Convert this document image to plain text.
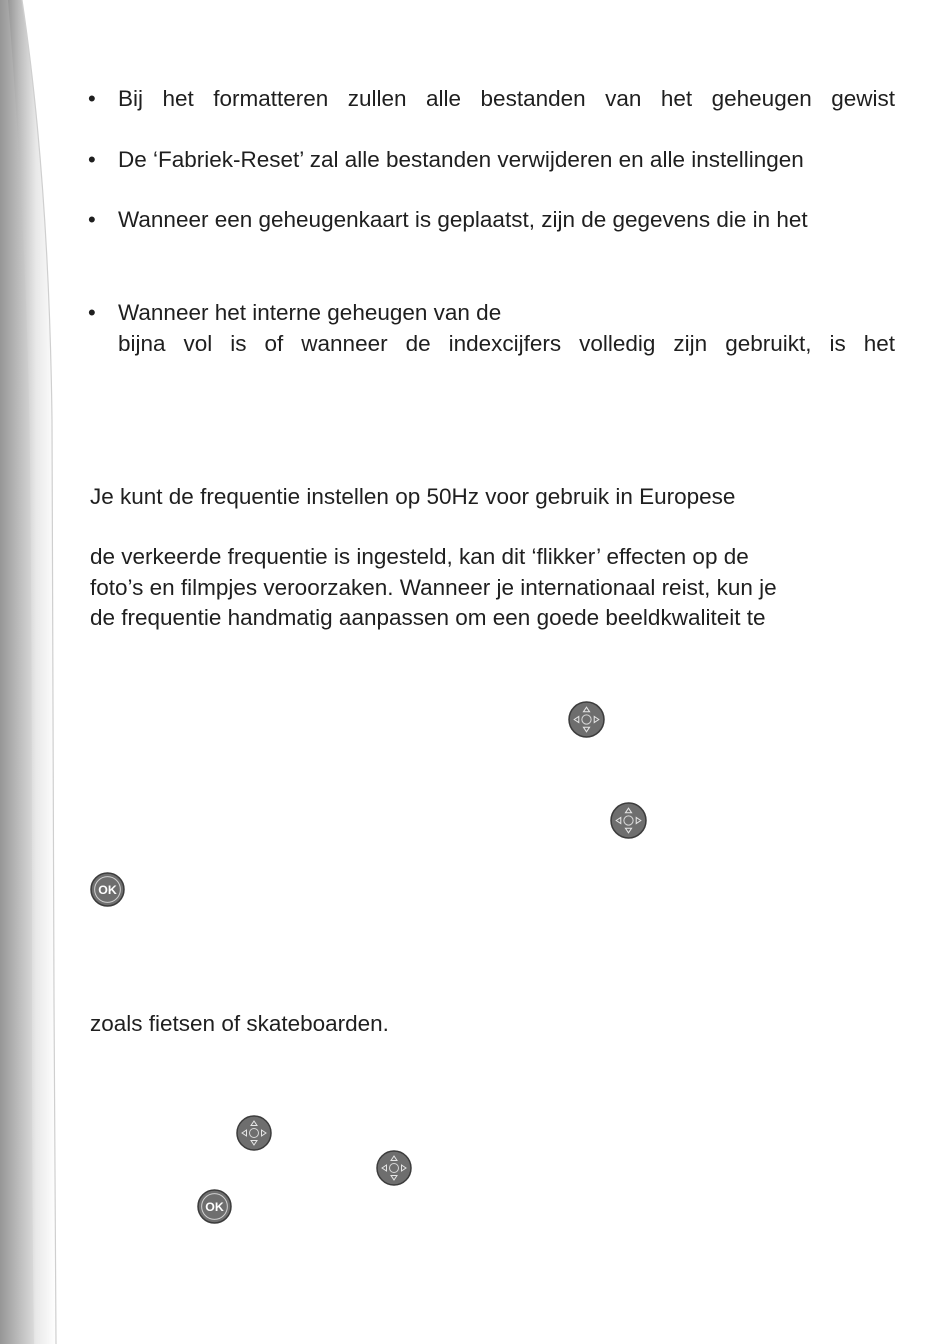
• Bij het formatteren zullen alle bestanden van het geheugen gewist
• De ‘Fabriek-Reset’ zal alle bestanden verwijderen en alle instellingen
• Wanneer een geheugenkaart is geplaatst, zijn de gegevens die in het
• Wanneer het interne geheugen van de
bijna vol is of wanneer de indexcijfers volledig zijn gebruikt, is het
Je kunt de frequentie instellen op 50Hz voor gebruik in Europese
de verkeerde frequentie is ingesteld, kan dit ‘flikker’ effecten op de
foto’s en filmpjes veroorzaken. Wanneer je internationaal reist, kun je
de frequentie handmatig aanpassen om een goede beeldkwaliteit te
OK
zoals fietsen of skateboarden.
OK
